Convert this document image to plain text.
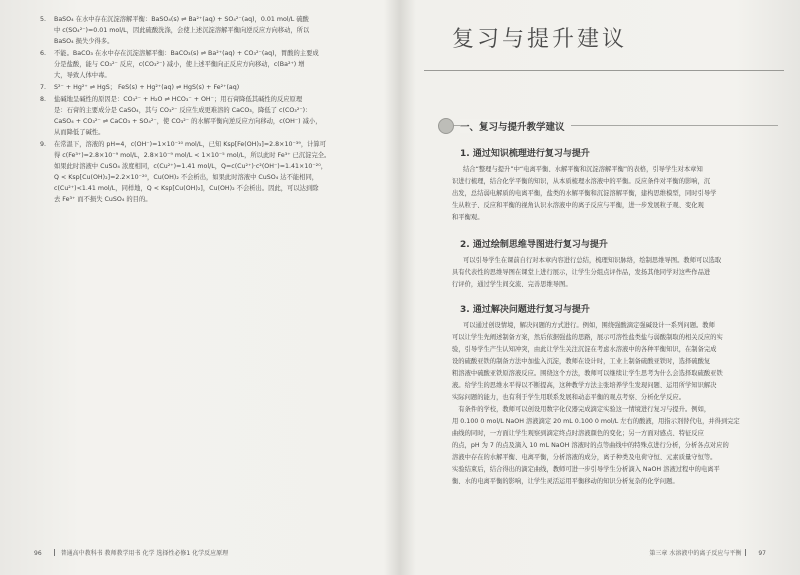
5. BaSO₄ 在水中存在沉淀溶解平衡：BaSO₄(s) ⇌ Ba²⁺(aq) + SO₄²⁻(aq)，0.01 mol/L 硫酸
中 c(SO₄²⁻)=0.01 mol/L，因此硫酸洗涤，会使上述沉淀溶解平衡向逆反应方向移动，所以
BaSO₄ 损失少得多。
6. 不能。BaCO₃ 在水中存在沉淀溶解平衡：BaCO₃(s) ⇌ Ba²⁺(aq) + CO₃²⁻(aq)，胃酸的主要成
分是盐酸，能与 CO₃²⁻ 反应，c(CO₃²⁻) 减小，使上述平衡向正反应方向移动，c(Ba²⁺) 增
大，导致人体中毒。
7. S²⁻ + Hg²⁺ ⇌ HgS； FeS(s) + Hg²⁺(aq) ⇌ HgS(s) + Fe²⁺(aq)
8. 盐碱地呈碱性的原因是：CO₃²⁻ + H₂O ⇌ HCO₃⁻ + OH⁻；用石膏降低其碱性的反应原理
是：石膏的主要成分是 CaSO₄，其与 CO₃²⁻ 反应生成更难溶的 CaCO₃，降低了 c(CO₃²⁻)：
CaSO₄ + CO₃²⁻ ⇌ CaCO₃ + SO₄²⁻，使 CO₃²⁻ 的水解平衡向逆反应方向移动，c(OH⁻) 减小，
从而降低了碱性。
9. 在常温下，溶液的 pH=4，c(OH⁻)=1×10⁻¹⁰ mol/L，已知 Ksp[Fe(OH)₃]=2.8×10⁻³⁹，计算可
得 c(Fe³⁺)=2.8×10⁻⁹ mol/L，2.8×10⁻⁹ mol/L < 1×10⁻⁵ mol/L，所以此时 Fe³⁺ 已沉淀完全。
如果此时溶液中 CuSO₄ 浓度相同，c(Cu²⁺)=1.41 mol/L，Q=c(Cu²⁺)·c²(OH⁻)=1.41×10⁻²⁰，
Q < Ksp[Cu(OH)₂]=2.2×10⁻²⁰，Cu(OH)₂ 不会析出，如果此时溶液中 CuSO₄ 达不能相同，
c(Cu²⁺)<1.41 mol/L，同样地，Q < Ksp[Cu(OH)₂]，Cu(OH)₂ 不会析出。因此，可以达到除
去 Fe³⁺ 而不损失 CuSO₄ 的目的。
96	普通高中教科书 教师教学用书 化学 选择性必修1 化学反应原理
复习与提升建议
一、复习与提升教学建议
1. 通过知识梳理进行复习与提升

结合“整理与提升”中“电离平衡、水解平衡和沉淀溶解平衡”的表格，引导学生对本章知

识进行梳理，结合化学平衡的知识，从本质梳理水溶液中的平衡。反应条件对平衡的影响，沉

出发，总结弱电解质的电离平衡，盐类的水解平衡和沉淀溶解平衡，建构思维模型，同时引导学

生从粒子、反应和平衡的视角认识水溶液中的离子反应与平衡，进一步发展粒子观、变化观

和平衡观。

2. 通过绘制思维导图进行复习与提升

可以引导学生在课前自行对本章内容进行总结，梳理知识脉络，绘制思维导图。教师可以选取

具有代表性的思维导图在课堂上进行展示，让学生分组点评作品，发扬其他同学对这些作品进

行评价，通过学生间交流、完善思维导图。

3. 通过解决问题进行复习与提升

可以通过创设情境，解决问题的方式进行。例如，围绕强酸滴定强碱设计一系列问题。教师

可以让学生先阐述制备方案，然后依据强盐的思路，展示可溶性盐类盐与弱酸制取的相关反应的实

验，引导学生产生认知冲突，由此让学生关注沉淀在考虑水溶液中的各种平衡知识，在制备完成

设的硫酸亚铁的制备方法中加盐入沉淀，教师在设计时，工业上制备硫酸亚铁时，选择硫酸复

粗溶液中硫酸亚铁原溶液反应。围绕这个方法，教师可以继续让学生思考为什么会选择取硫酸亚铁

液。给学生的思维水平得以不断提高，这种教学方法主张培养学生发现问题、运用所学知识解决

实际问题的能力，也有利于学生用联系发展和动态平衡的观点考察、分析化学反应。

　有条件的学校，教师可以创设用数字化仪器完成滴定实验这一情境进行复习与提升。例如，

用 0.100 0 mol/L NaOH 溶液滴定 20 mL 0.100 0 mol/L 左右的酸液，用指示剂替代电，并得到完定

曲线的同时，一方面让学生观察到滴定终点时溶液颜色的变化；另一方面对感点、特征反应

的点，pH 为 7 的点及滴入 10 mL NaOH 溶液时的点等曲线中的特殊点进行分析，分析各点对应的

溶液中存在的水解平衡、电离平衡，分析溶液的成分，离子种类及电荷守恒、元素质量守恒等。

实验结束后，结合得出的滴定曲线，教师可进一步引导学生分析滴入 NaOH 溶液过程中的电离平

衡、水的电离平衡的影响，让学生灵活运用平衡移动的知识分析复杂的化学问题。

第三章 水溶液中的离子反应与平衡	97
